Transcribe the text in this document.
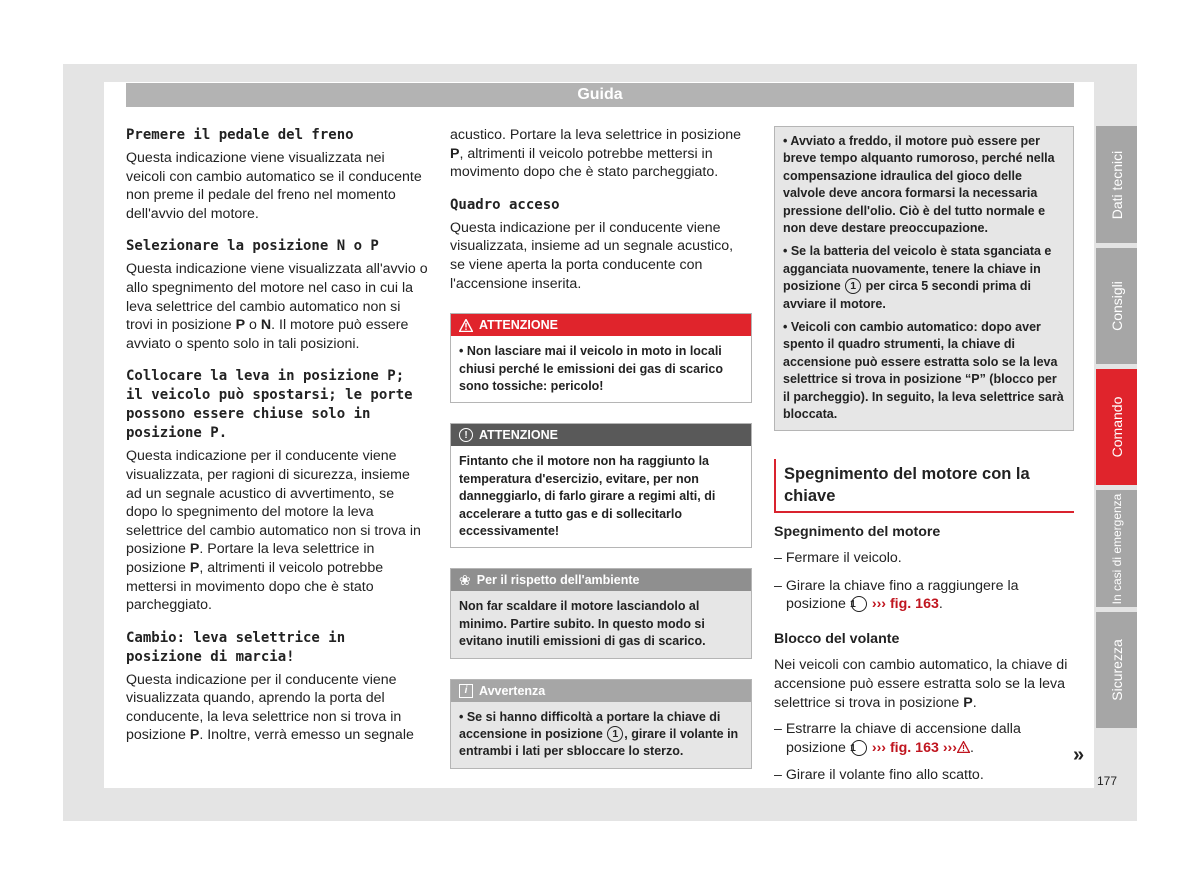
Guida
Premere il pedale del freno

Questa indicazione viene visualizzata nei veicoli con cambio automatico se il conducente non preme il pedale del freno nel momento dell'avvio del motore.

Selezionare la posizione N o P

Questa indicazione viene visualizzata all'avvio o allo spegnimento del motore nel caso in cui la leva selettrice del cambio automatico non si trovi in posizione P o N. Il motore può essere avviato o spento solo in tali posizioni.

Collocare la leva in posizione P; il veicolo può spostarsi; le porte possono essere chiuse solo in posizione P.

Questa indicazione per il conducente viene visualizzata, per ragioni di sicurezza, insieme ad un segnale acustico di avvertimento, se dopo lo spegnimento del motore la leva selettrice del cambio automatico non si trova in posizione P. Portare la leva selettrice in posizione P, altrimenti il veicolo potrebbe mettersi in movimento dopo che è stato parcheggiato.

Cambio: leva selettrice in posizione di marcia!

Questa indicazione per il conducente viene visualizzata quando, aprendo la porta del conducente, la leva selettrice non si trova in posizione P. Inoltre, verrà emesso un segnale

acustico. Portare la leva selettrice in posizione P, altrimenti il veicolo potrebbe mettersi in movimento dopo che è stato parcheggiato.

Quadro acceso

Questa indicazione per il conducente viene visualizzata, insieme ad un segnale acustico, se viene aperta la porta conducente con l'accensione inserita.

ATTENZIONE
• Non lasciare mai il veicolo in moto in locali chiusi perché le emissioni dei gas di scarico sono tossiche: pericolo!
! ATTENZIONE
Fintanto che il motore non ha raggiunto la temperatura d'esercizio, evitare, per non danneggiarlo, di farlo girare a regimi alti, di accelerare a tutto gas e di sollecitarlo eccessivamente!
❀ Per il rispetto dell'ambiente
Non far scaldare il motore lasciandolo al minimo. Partire subito. In questo modo si evitano inutili emissioni di gas di scarico.
i Avvertenza
• Se si hanno difficoltà a portare la chiave di accensione in posizione 1 , girare il volante in entrambi i lati per sbloccare lo sterzo.

• Avviato a freddo, il motore può essere per breve tempo alquanto rumoroso, perché nella compensazione idraulica del gioco delle valvole deve ancora formarsi la necessaria pressione dell'olio. Ciò è del tutto normale e non deve destare preoccupazione.

• Se la batteria del veicolo è stata sganciata e agganciata nuovamente, tenere la chiave in posizione 1 per circa 5 secondi prima di avviare il motore.

• Veicoli con cambio automatico: dopo aver spento il quadro strumenti, la chiave di accensione può essere estratta solo se la leva selettrice si trova in posizione “P” (blocco per il parcheggio). In seguito, la leva selettrice sarà bloccata.

Spegnimento del motore con la chiave
Spegnimento del motore
– Fermare il veicolo.
– Girare la chiave fino a raggiungere la posizione 1 ››› fig. 163.
Blocco del volante

Nei veicoli con cambio automatico, la chiave di accensione può essere estratta solo se la leva selettrice si trova in posizione P.

– Estrarre la chiave di accensione dalla posizione 1 ››› fig. 163 ››› .
– Girare il volante fino allo scatto.
»
177
Dati tecnici
Consigli
Comando
In casi di emergenza
Sicurezza
